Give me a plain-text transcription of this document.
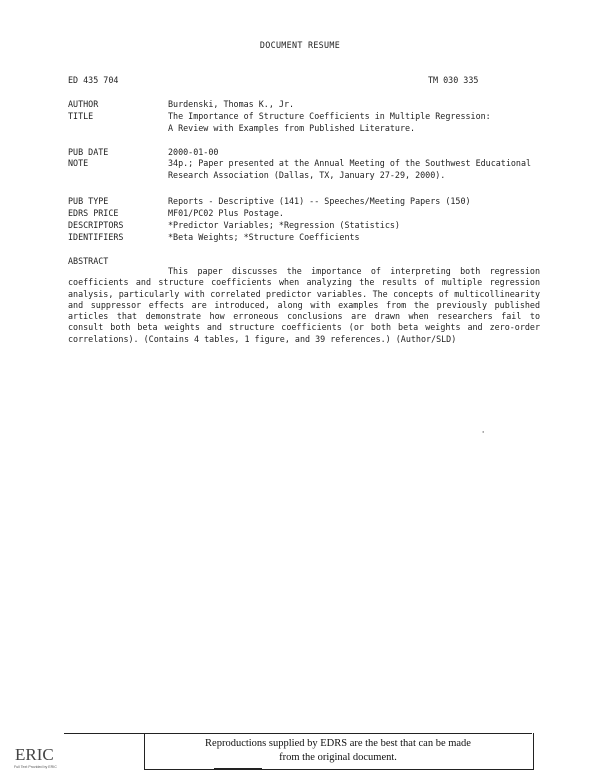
DOCUMENT RESUME
ED 435 704	TM 030 335
AUTHOR	Burdenski, Thomas K., Jr.
TITLE	The Importance of Structure Coefficients in Multiple Regression: A Review with Examples from Published Literature.
PUB DATE	2000-01-00
NOTE	34p.; Paper presented at the Annual Meeting of the Southwest Educational Research Association (Dallas, TX, January 27-29, 2000).
PUB TYPE	Reports - Descriptive (141) -- Speeches/Meeting Papers (150)
EDRS PRICE	MF01/PC02 Plus Postage.
DESCRIPTORS	*Predictor Variables; *Regression (Statistics)
IDENTIFIERS	*Beta Weights; *Structure Coefficients
ABSTRACT
This paper discusses the importance of interpreting both regression coefficients and structure coefficients when analyzing the results of multiple regression analysis, particularly with correlated predictor variables. The concepts of multicollinearity and suppressor effects are introduced, along with examples from the previously published articles that demonstrate how erroneous conclusions are drawn when researchers fail to consult both beta weights and structure coefficients (or both beta weights and zero-order correlations). (Contains 4 tables, 1 figure, and 39 references.) (Author/SLD)
'
ERIC
Full Text Provided by ERIC
Reproductions supplied by EDRS are the best that can be made
from the original document.
